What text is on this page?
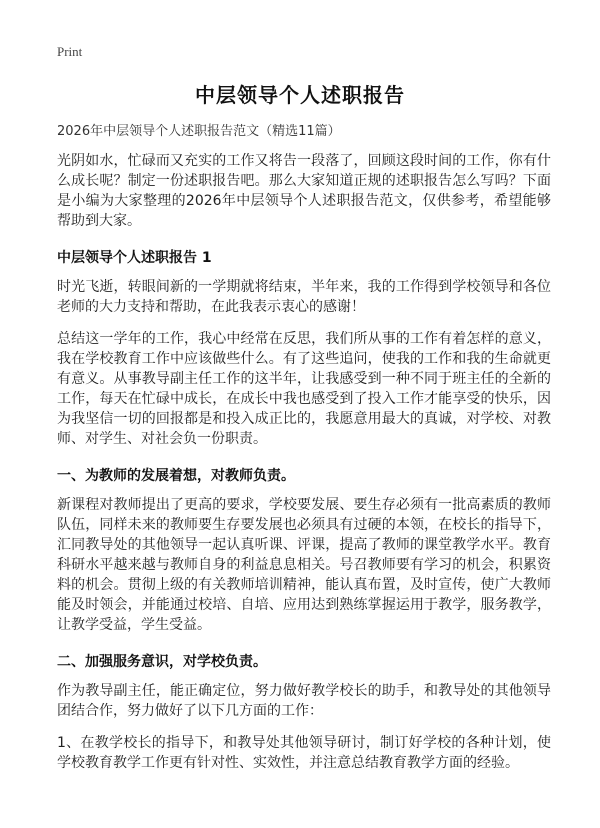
Print
中层领导个人述职报告
2026年中层领导个人述职报告范文（精选11篇）

光阴如水，忙碌而又充实的工作又将告一段落了，回顾这段时间的工作，你有什么成长呢？制定一份述职报告吧。那么大家知道正规的述职报告怎么写吗？下面是小编为大家整理的2026年中层领导个人述职报告范文，仅供参考，希望能够帮助到大家。

中层领导个人述职报告 1

时光飞逝，转眼间新的一学期就将结束，半年来，我的工作得到学校领导和各位老师的大力支持和帮助，在此我表示衷心的感谢！

总结这一学年的工作，我心中经常在反思，我们所从事的工作有着怎样的意义，我在学校教育工作中应该做些什么。有了这些追问，使我的工作和我的生命就更有意义。从事教导副主任工作的这半年，让我感受到一种不同于班主任的全新的工作，每天在忙碌中成长，在成长中我也感受到了投入工作才能享受的快乐，因为我坚信一切的回报都是和投入成正比的，我愿意用最大的真诚，对学校、对教师、对学生、对社会负一份职责。

一、为教师的发展着想，对教师负责。

新课程对教师提出了更高的要求，学校要发展、要生存必须有一批高素质的教师队伍，同样未来的教师要生存要发展也必须具有过硬的本领，在校长的指导下，汇同教导处的其他领导一起认真听课、评课，提高了教师的课堂教学水平。教育科研水平越来越与教师自身的利益息息相关。号召教师要有学习的机会，积累资料的机会。贯彻上级的有关教师培训精神，能认真布置，及时宣传，使广大教师能及时领会，并能通过校培、自培、应用达到熟练掌握运用于教学，服务教学，让教学受益，学生受益。

二、加强服务意识，对学校负责。

作为教导副主任，能正确定位，努力做好教学校长的助手，和教导处的其他领导团结合作，努力做好了以下几方面的工作：

1、在教学校长的指导下，和教导处其他领导研讨，制订好学校的各种计划，使学校教育教学工作更有针对性、实效性，并注意总结教育教学方面的经验。
